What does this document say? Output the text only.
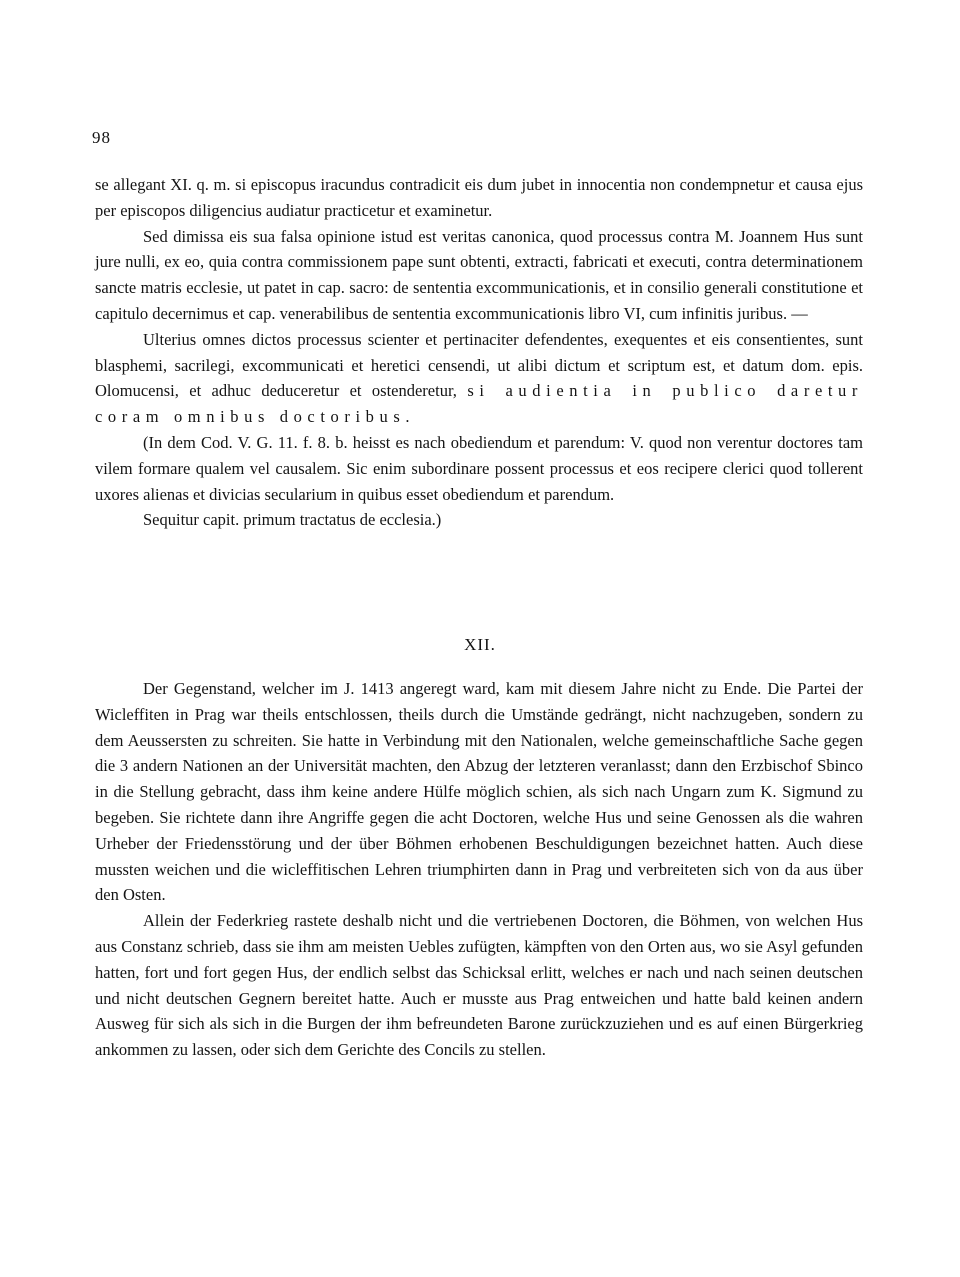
98

se allegant XI. q. m. si episcopus iracundus contradicit eis dum jubet in innocentia non condempnetur et causa ejus per episcopos diligencius audiatur practicetur et examinetur.

Sed dimissa eis sua falsa opinione istud est veritas canonica, quod processus contra M. Joannem Hus sunt jure nulli, ex eo, quia contra commissionem pape sunt obtenti, extracti, fabricati et executi, contra determinationem sancte matris ecclesie, ut patet in cap. sacro: de sententia excommunicationis, et in consilio generali constitutione et capitulo decernimus et cap. venerabilibus de sententia excommunicationis libro VI, cum infinitis juribus. —

Ulterius omnes dictos processus scienter et pertinaciter defendentes, exequentes et eis consentientes, sunt blasphemi, sacrilegi, excommunicati et heretici censendi, ut alibi dictum et scriptum est, et datum dom. epis. Olomucensi, et adhuc deduceretur et ostenderetur, si audientia in publico daretur coram omnibus doctoribus.

(In dem Cod. V. G. 11. f. 8. b. heisst es nach obediendum et parendum: V. quod non verentur doctores tam vilem formare qualem vel causalem. Sic enim subordinare possent processus et eos recipere clerici quod tollerent uxores alienas et divicias secularium in quibus esset obediendum et parendum.

Sequitur capit. primum tractatus de ecclesia.)

XII.

Der Gegenstand, welcher im J. 1413 angeregt ward, kam mit diesem Jahre nicht zu Ende. Die Partei der Wicleffiten in Prag war theils entschlossen, theils durch die Umstände gedrängt, nicht nachzugeben, sondern zu dem Aeussersten zu schreiten. Sie hatte in Verbindung mit den Nationalen, welche gemeinschaftliche Sache gegen die 3 andern Nationen an der Universität machten, den Abzug der letzteren veranlasst; dann den Erzbischof Sbinco in die Stellung gebracht, dass ihm keine andere Hülfe möglich schien, als sich nach Ungarn zum K. Sigmund zu begeben. Sie richtete dann ihre Angriffe gegen die acht Doctoren, welche Hus und seine Genossen als die wahren Urheber der Friedensstörung und der über Böhmen erhobenen Beschuldigungen bezeichnet hatten. Auch diese mussten weichen und die wicleffitischen Lehren triumphirten dann in Prag und verbreiteten sich von da aus über den Osten.

Allein der Federkrieg rastete deshalb nicht und die vertriebenen Doctoren, die Böhmen, von welchen Hus aus Constanz schrieb, dass sie ihm am meisten Uebles zufügten, kämpften von den Orten aus, wo sie Asyl gefunden hatten, fort und fort gegen Hus, der endlich selbst das Schicksal erlitt, welches er nach und nach seinen deutschen und nicht deutschen Gegnern bereitet hatte. Auch er musste aus Prag entweichen und hatte bald keinen andern Ausweg für sich als sich in die Burgen der ihm befreundeten Barone zurückzuziehen und es auf einen Bürgerkrieg ankommen zu lassen, oder sich dem Gerichte des Concils zu stellen.
